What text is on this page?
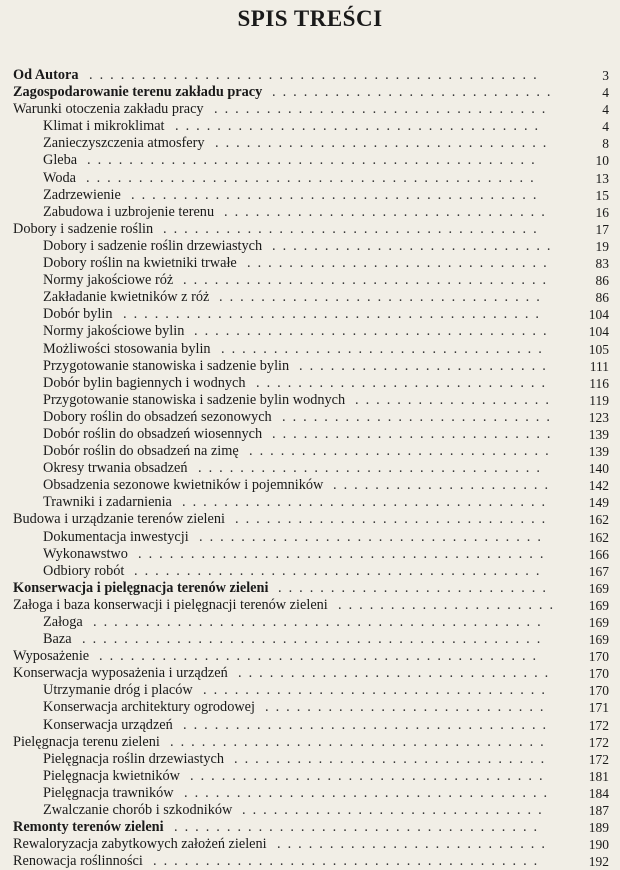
SPIS TREŚCI
Od Autora ...........................................	3
Zagospodarowanie terenu zakładu pracy ...........................	4
Warunki otoczenia zakładu pracy ................................	4
Klimat i mikroklimat ...................................	4
Zanieczyszczenia atmosfery ................................	8
Gleba ...........................................	10
Woda ...........................................	13
Zadrzewienie .......................................	15
Zabudowa i uzbrojenie terenu ...............................	16
Dobory i sadzenie roślin ....................................	17
Dobory i sadzenie roślin drzewiastych ...........................	19
Dobory roślin na kwietniki trwałe .............................	83
Normy jakościowe róż ...................................	86
Zakładanie kwietników z róż ...............................	86
Dobór bylin ........................................	104
Normy jakościowe bylin ..................................	104
Możliwości stosowania bylin ...............................	105
Przygotowanie stanowiska i sadzenie bylin ........................	111
Dobór bylin bagiennych i wodnych ............................	116
Przygotowanie stanowiska i sadzenie bylin wodnych ...................	119
Dobory roślin do obsadzeń sezonowych ..........................	123
Dobór roślin do obsadzeń wiosennych ...........................	139
Dobór roślin do obsadzeń na zimę .............................	139
Okresy trwania obsadzeń .................................	140
Obsadzenia sezonowe kwietników i pojemników .....................	142
Trawniki i zadarnienia ...................................	149
Budowa i urządzanie terenów zieleni ..............................	162
Dokumentacja inwestycji .................................	162
Wykonawstwo .......................................	166
Odbiory robót .......................................	167
Konserwacja i pielęgnacja terenów zieleni ..........................	169
Załoga i baza konserwacji i pielęgnacji terenów zieleni .....................	169
Załoga ...........................................	169
Baza ............................................	169
Wyposażenie ..........................................	170
Konserwacja wyposażenia i urządzeń ..............................	170
Utrzymanie dróg i placów .................................	170
Konserwacja architektury ogrodowej ...........................	171
Konserwacja urządzeń ...................................	172
Pielęgnacja terenu zieleni ....................................	172
Pielęgnacja roślin drzewiastych ..............................	172
Pielęgnacja kwietników ..................................	181
Pielęgnacja trawników ...................................	184
Zwalczanie chorób i szkodników .............................	187
Remonty terenów zieleni ...................................	189
Rewaloryzacja zabytkowych założeń zieleni ..........................	190
Renowacja roślinności .....................................	192
